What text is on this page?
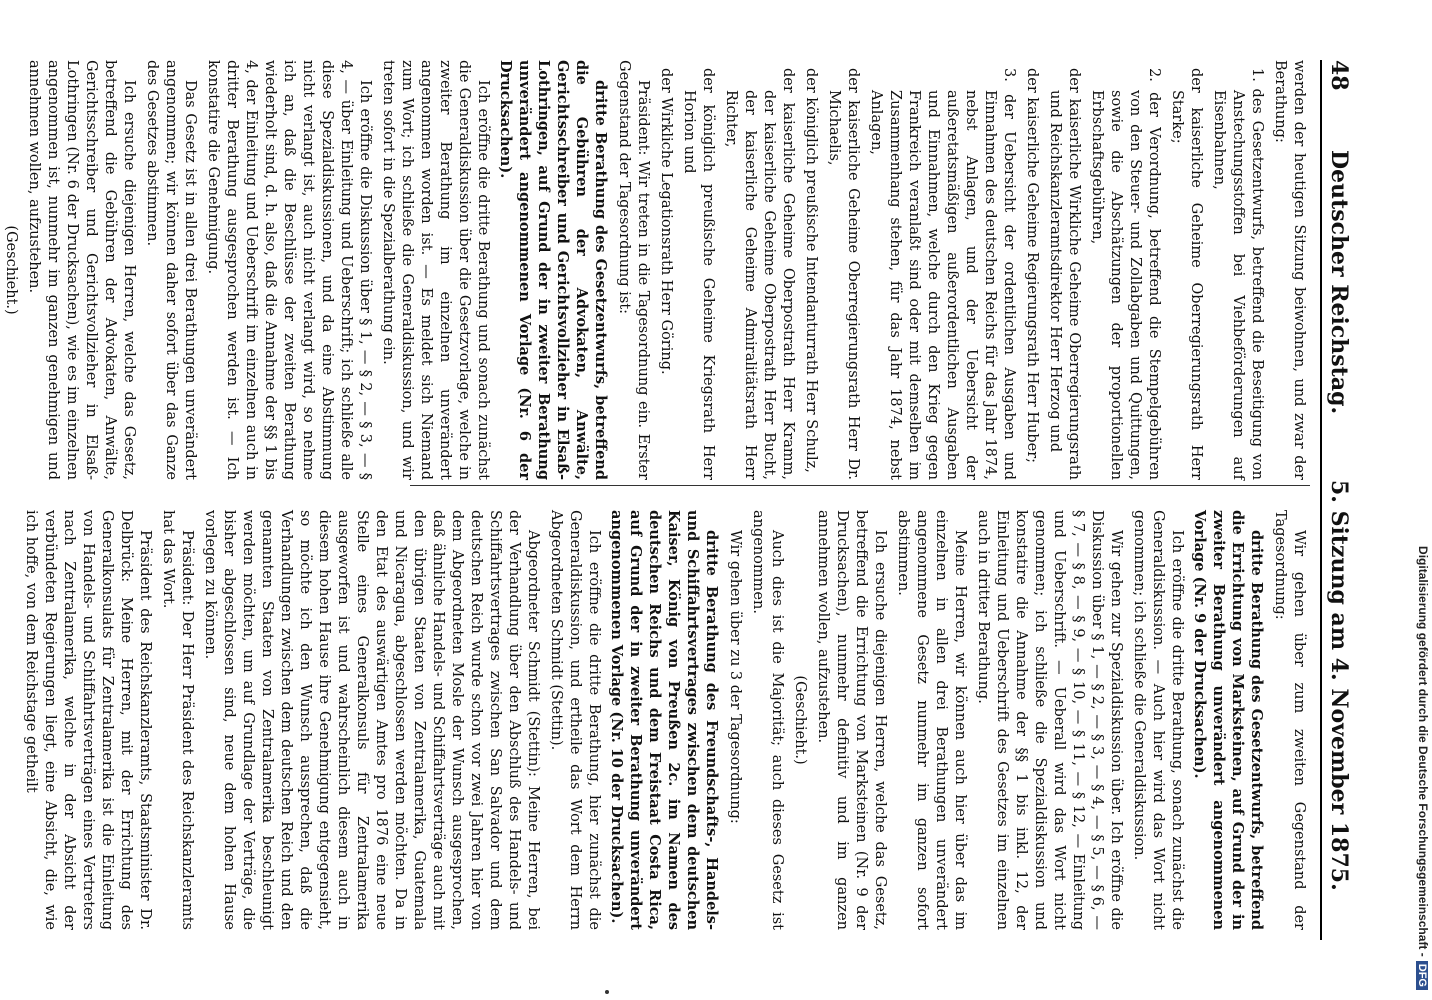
48
Deutscher Reichstag.
5. Sitzung am 4. November 1875.

werden der heutigen Sitzung beiwohnen, und zwar der Berathung:

1. des Gesetzentwurfs, betreffend die Beseitigung von Anstechungsstoffen bei Viehbeförderungen auf Eisenbahnen,

der kaiserliche Geheime Oberregierungsrath Herr Starke;

2. der Verordnung, betreffend die Stempelgebühren von den Steuer- und Zollabgaben und Quittungen, sowie die Abschätzungen der proportionellen Erbschaftsgebühren,

der kaiserliche Wirkliche Geheime Oberregierungsrath und Reichskanzleramtsdirektor Herr Herzog und

der kaiserliche Geheime Regierungsrath Herr Huber;

3. der Uebersicht der ordentlichen Ausgaben und Einnahmen des deutschen Reichs für das Jahr 1874, nebst Anlagen, und der Uebersicht der außeretatsmäßigen außerordentlichen Ausgaben und Einnahmen, welche durch den Krieg gegen Frankreich veranlaßt sind oder mit demselben im Zusammenhang stehen, für das Jahr 1874, nebst Anlagen,

der kaiserliche Geheime Oberregierungsrath Herr Dr. Michaelis,

der königlich preußische Intendanturrath Herr Schulz,

der kaiserliche Geheime Oberpostrath Herr Kramm, der kaiserliche Geheime Oberpostrath Herr Bucht, der kaiserliche Geheime Admiralitätsrath Herr Richter,

der königlich preußische Geheime Kriegsrath Herr Horion und

der Wirkliche Legationsrath Herr Göring.

Präsident: Wir treten in die Tagesordnung ein. Erster Gegenstand der Tagesordnung ist:

dritte Berathung des Gesetzentwurfs, betreffend die Gebühren der Advokaten, Anwälte, Gerichtsschreiber und Gerichtsvollzieher in Elsaß-Lothringen, auf Grund der in zweiter Berathung unverändert angenommenen Vorlage (Nr. 6 der Drucksachen).

Ich eröffne die dritte Berathung und sonach zunächst die Generaldiskussion über die Gesetzvorlage, welche in zweiter Berathung im einzelnen unverändert angenommen worden ist. — Es meldet sich Niemand zum Wort; ich schließe die Generaldiskussion, und wir treten sofort in die Spezialberathung ein.

Ich eröffne die Diskussion über § 1, — § 2, — § 3, — § 4, — über Einleitung und Ueberschrift; ich schließe alle diese Spezialdiskussionen, und da eine Abstimmung nicht verlangt ist, auch nicht verlangt wird, so nehme ich an, daß die Beschlüsse der zweiten Berathung wiederholt sind, d. h. also, daß die Annahme der §§ 1 bis 4, der Einleitung und Ueberschrift im einzelnen auch in dritter Berathung ausgesprochen werden ist. — Ich konstatire die Genehmigung.

Das Gesetz ist in allen drei Berathungen unverändert angenommen; wir können daher sofort über das Ganze des Gesetzes abstimmen.

Ich ersuche diejenigen Herren, welche das Gesetz, betreffend die Gebühren der Advokaten, Anwälte, Gerichtsschreiber und Gerichtsvollzieher in Elsaß-Lothringen (Nr. 6 der Drucksachen), wie es im einzelnen angenommen ist, nunmehr im ganzen genehmigen und annehmen wollen, aufzustehen.

(Geschieht.)

Wir gehen über zum zweiten Gegenstand der Tagesordnung:

dritte Berathung des Gesetzentwurfs, betreffend die Errichtung von Marksteinen, auf Grund der in zweiter Berathung unverändert angenommenen Vorlage (Nr. 9 der Drucksachen).

Ich eröffne die dritte Berathung, sonach zunächst die Generaldiskussion. — Auch hier wird das Wort nicht genommen; ich schließe die Generaldiskussion.

Wir gehen zur Spezialdiskussion über. Ich eröffne die Diskussion über § 1, — § 2, — § 3, — § 4, — § 5, — § 6, — § 7, — § 8, — § 9, — § 10, — § 11, — § 12, — Einleitung und Ueberschrift. — Ueberall wird das Wort nicht genommen; ich schließe die Spezialdiskussion und konstatire die Annahme der §§ 1 bis inkl. 12, der Einleitung und Ueberschrift des Gesetzes im einzelnen auch in dritter Berathung.

Meine Herren, wir können auch hier über das im einzelnen in allen drei Berathungen unverändert angenommene Gesetz nunmehr im ganzen sofort abstimmen.

Ich ersuche diejenigen Herren, welche das Gesetz, betreffend die Errichtung von Marksteinen (Nr. 9 der Drucksachen), nunmehr definitiv und im ganzen annehmen wollen, aufzustehen.

(Geschieht.)

Auch dies ist die Majorität; auch dieses Gesetz ist angenommen.

Wir gehen über zu 3 der Tagesordnung:

dritte Berathung des Freundschafts-, Handels- und Schiffahrtsvertrages zwischen dem deutschen Kaiser, König von Preußen 2c. im Namen des deutschen Reichs und dem Freistaat Costa Rica, auf Grund der in zweiter Berathung unverändert angenommenen Vorlage (Nr. 10 der Drucksachen).

Ich eröffne die dritte Berathung, hier zunächst die Generaldiskussion, und ertheile das Wort dem Herrn Abgeordneten Schmidt (Stettin).

Abgeordneter Schmidt (Stettin): Meine Herren, bei der Verhandlung über den Abschluß des Handels- und Schiffahrtsvertrages zwischen San Salvador und dem deutschen Reich wurde schon vor zwei Jahren hier von dem Abgeordneten Mosle der Wunsch ausgesprochen, daß ähnliche Handels- und Schiffahrtsverträge auch mit den übrigen Staaten von Zentralamerika, Guatemala und Nicaragua, abgeschlossen werden möchten. Da in den Etat des auswärtigen Amtes pro 1876 eine neue Stelle eines Generalkonsuls für Zentralamerika ausgeworfen ist und wahrscheinlich diesem auch in diesem hohen Hause ihre Genehmigung entgegensieht, so möchte ich den Wunsch aussprechen, daß die Verhandlungen zwischen dem deutschen Reich und den genannten Staaten von Zentralamerika beschleunigt werden möchten, um auf Grundlage der Verträge, die bisher abgeschlossen sind, neue dem hohen Hause vorlegen zu können.

Präsident: Der Herr Präsident des Reichskanzleramts hat das Wort.

Präsident des Reichskanzleramts, Staatsminister Dr. Delbrück: Meine Herren, mit der Errichtung des Generalkonsulats für Zentralamerika ist die Einleitung von Handels- und Schiffahrtsverträgen eines Vertreters nach Zentralamerika, welche in der Absicht der verbündeten Regierungen liegt, eine Absicht, die, wie ich hoffe, von dem Reichstage getheilt	Digitalisierung gefördert durch die Deutsche Forschungsgemeinschaft -DFG
